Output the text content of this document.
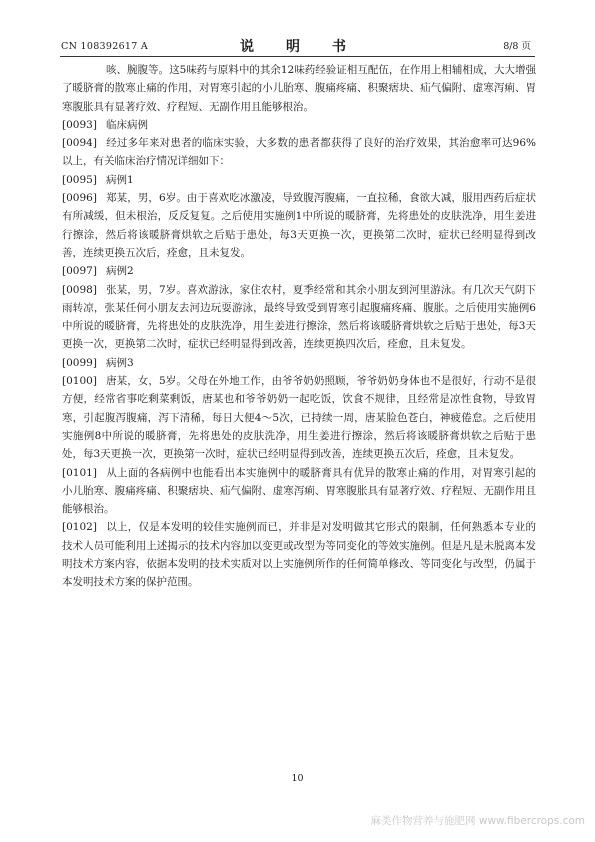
CN 108392617 A	说　明　书	8/8 页

咳、腕腹等。这5味药与原料中的其余12味药经验证相互配伍，在作用上相辅相成，大大增强了暖脐膏的散寒止痛的作用，对胃寒引起的小儿胎寒、腹痛疼痛、积聚痞块、疝气偏附、虚寒泻痢、胃寒腹胀具有显著疗效、疗程短、无副作用且能够根治。

[0093] 临床病例

[0094] 经过多年来对患者的临床实验，大多数的患者都获得了良好的治疗效果，其治愈率可达96%以上，有关临床治疗情况详细如下：

[0095] 病例1

[0096] 郑某，男，6岁。由于喜欢吃冰激凌，导致腹泻腹痛，一直拉稀，食欲大减，服用西药后症状有所减缓，但未根治，反反复复。之后使用实施例1中所说的暖脐膏，先将患处的皮肤洗净，用生姜进行擦涂，然后将该暖脐膏烘软之后贴于患处，每3天更换一次，更换第二次时，症状已经明显得到改善，连续更换五次后，痊愈，且未复发。

[0097] 病例2

[0098] 张某，男，7岁。喜欢游泳，家住农村，夏季经常和其余小朋友到河里游泳。有几次天气阴下雨转凉，张某任何小朋友去河边玩耍游泳，最终导致受到胃寒引起腹痛疼痛、腹胀。之后使用实施例6中所说的暖脐膏，先将患处的皮肤洗净，用生姜进行擦涂，然后将该暖脐膏烘软之后贴于患处，每3天更换一次，更换第二次时，症状已经明显得到改善，连续更换四次后，痊愈，且未复发。

[0099] 病例3

[0100] 唐某，女，5岁。父母在外地工作，由爷爷奶奶照顾，爷爷奶奶身体也不是很好，行动不是很方便，经常省事吃剩菜剩饭，唐某也和爷爷奶奶一起吃饭，饮食不规律，且经常是凉性食物，导致胃寒，引起腹泻腹痛，泻下清稀，每日大便4～5次，已持续一周，唐某脸色苍白，神疲倦怠。之后使用实施例8中所说的暖脐膏，先将患处的皮肤洗净，用生姜进行擦涂，然后将该暖脐膏烘软之后贴于患处，每3天更换一次，更换第一次时，症状已经明显得到改善，连续更换五次后，痊愈，且未复发。

[0101] 从上面的各病例中也能看出本实施例中的暖脐膏具有优异的散寒止痛的作用，对胃寒引起的小儿胎寒、腹痛疼痛、积聚痞块、疝气偏附、虚寒泻痢、胃寒腹胀具有显著疗效、疗程短、无副作用且能够根治。

[0102] 以上，仅是本发明的较佳实施例而已，并非是对发明做其它形式的限制，任何熟悉本专业的技术人员可能利用上述揭示的技术内容加以变更或改型为等同变化的等效实施例。但是凡是未脱离本发明技术方案内容，依据本发明的技术实质对以上实施例所作的任何简单修改、等同变化与改型，仍属于本发明技术方案的保护范围。

10
麻类作物营养与施肥网 www.fibercrops.com
